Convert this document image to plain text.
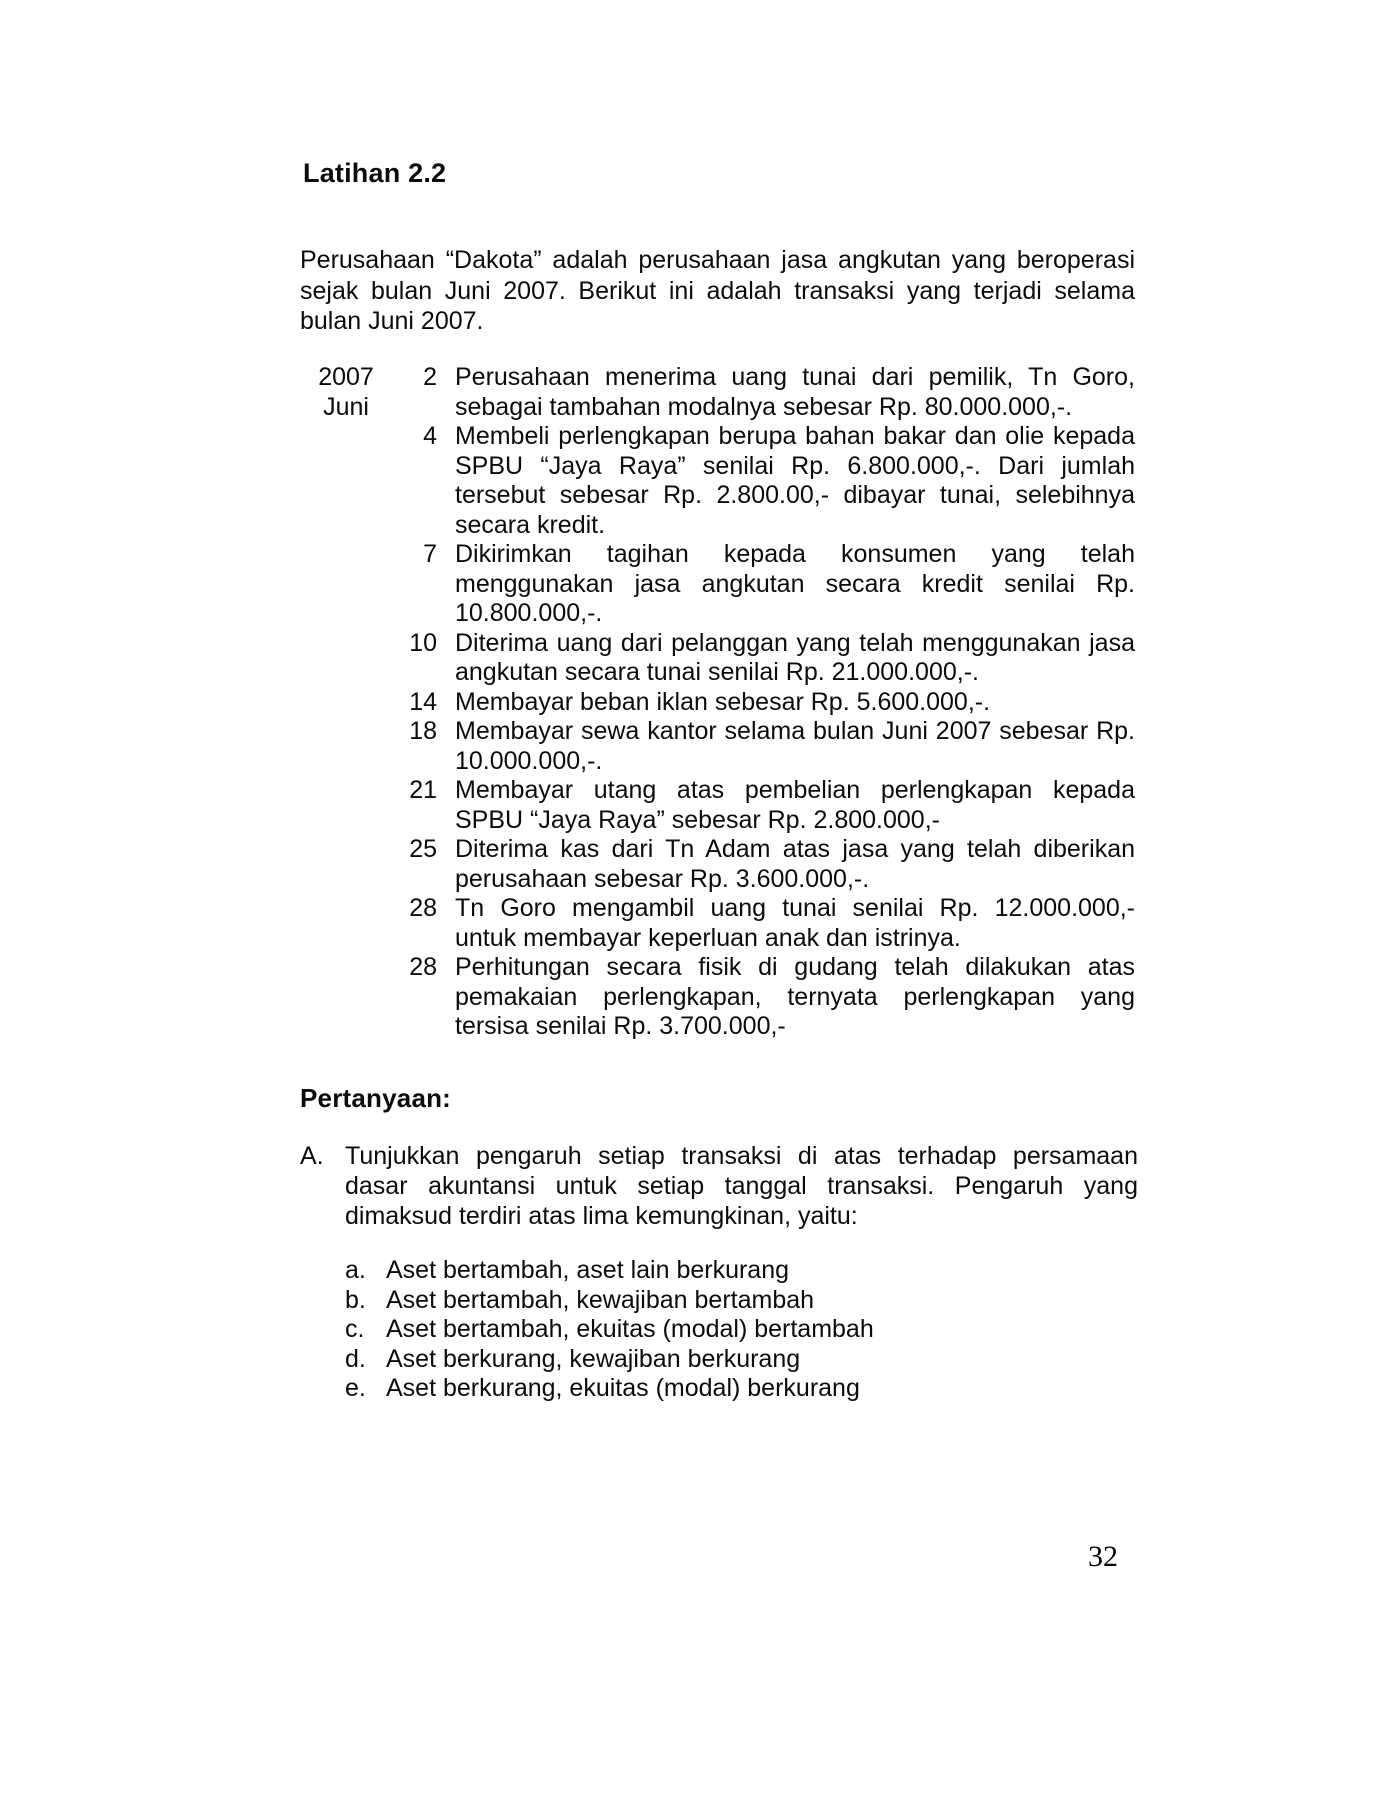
Latihan 2.2
Perusahaan “Dakota” adalah perusahaan jasa angkutan yang beroperasi sejak bulan Juni 2007. Berikut ini adalah transaksi yang terjadi selama bulan Juni 2007.
2007
Juni
2 Perusahaan menerima uang tunai dari pemilik, Tn Goro, sebagai tambahan modalnya sebesar Rp. 80.000.000,-.
4 Membeli perlengkapan berupa bahan bakar dan olie kepada SPBU “Jaya Raya” senilai Rp. 6.800.000,-. Dari jumlah tersebut sebesar Rp. 2.800.00,- dibayar tunai, selebihnya secara kredit.
7 Dikirimkan tagihan kepada konsumen yang telah menggunakan jasa angkutan secara kredit senilai Rp. 10.800.000,-.
10 Diterima uang dari pelanggan yang telah menggunakan jasa angkutan secara tunai senilai Rp. 21.000.000,-.
14 Membayar beban iklan sebesar Rp. 5.600.000,-.
18 Membayar sewa kantor selama bulan Juni 2007 sebesar Rp. 10.000.000,-.
21 Membayar utang atas pembelian perlengkapan kepada SPBU “Jaya Raya” sebesar Rp. 2.800.000,-
25 Diterima kas dari Tn Adam atas jasa yang telah diberikan perusahaan sebesar Rp. 3.600.000,-.
28 Tn Goro mengambil uang tunai senilai Rp. 12.000.000,- untuk membayar keperluan anak dan istrinya.
28 Perhitungan secara fisik di gudang telah dilakukan atas pemakaian perlengkapan, ternyata perlengkapan yang tersisa senilai Rp. 3.700.000,-
Pertanyaan:
A. Tunjukkan pengaruh setiap transaksi di atas terhadap persamaan dasar akuntansi untuk setiap tanggal transaksi. Pengaruh yang dimaksud terdiri atas lima kemungkinan, yaitu:
a. Aset bertambah, aset lain berkurang
b. Aset bertambah, kewajiban bertambah
c. Aset bertambah, ekuitas (modal) bertambah
d. Aset berkurang, kewajiban berkurang
e. Aset berkurang, ekuitas (modal) berkurang
32
